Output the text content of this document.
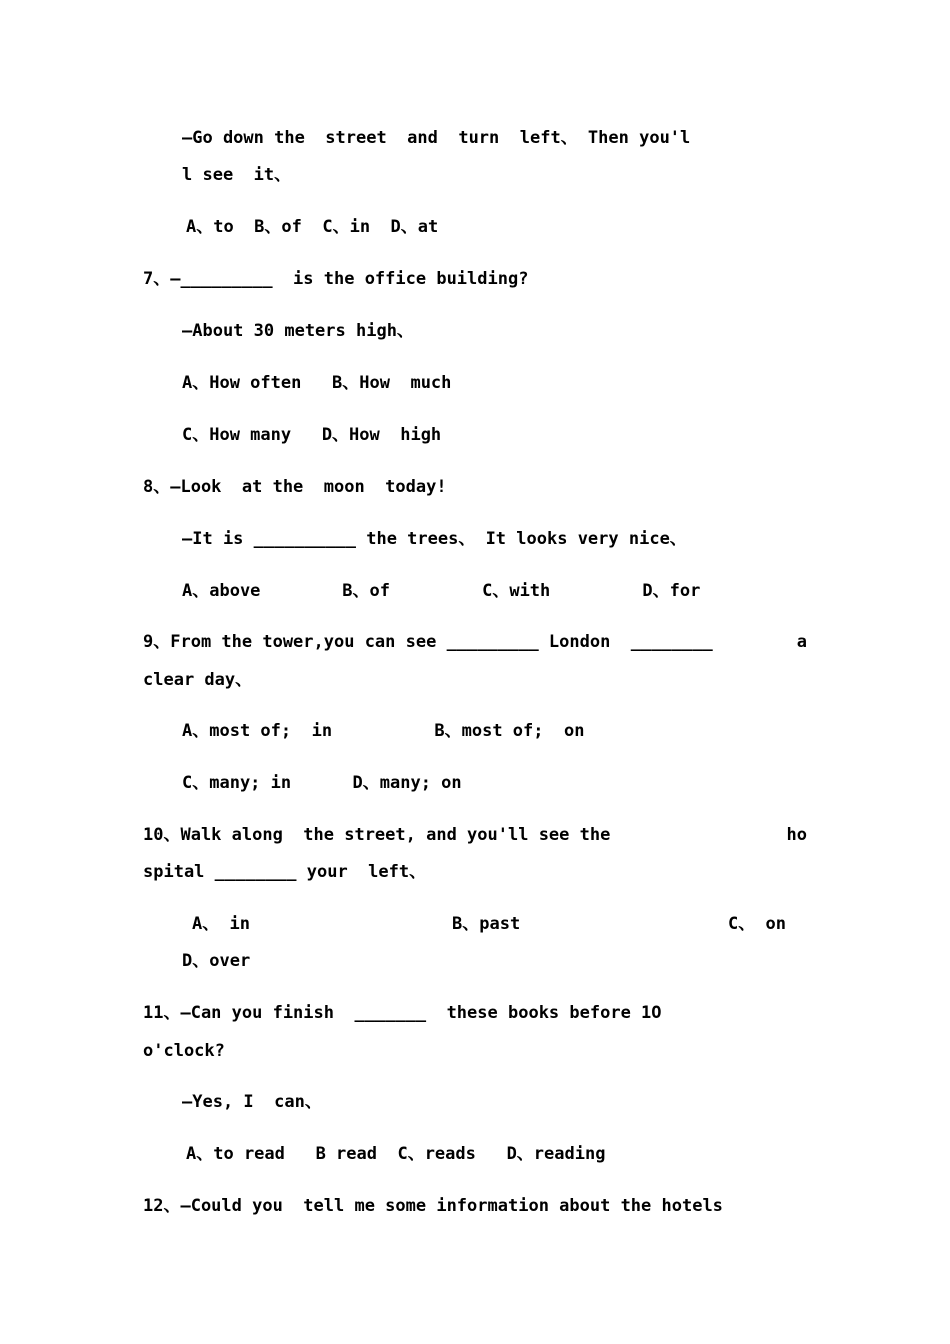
—Go down the  street  and  turn  left、 Then you'l
l see  it、
A、to  B、of  C、in  D、at
7、—_________  is the office building?
—About 30 meters high、
A、How often   B、How  much
C、How many   D、How  high
8、—Look  at the  moon  today!
—It is __________ the trees、 It looks very nice、
A、above        B、of         C、with         D、for
9、From the tower,you can see _________ London  ________	a
clear day、
A、most of;  in          B、most of;  on
C、many; in      D、many; on
10、Walk along  the street, and you'll see the	ho
spital ________ your  left、
A、 in	B、past	C、 on
D、over
11、—Can you finish  _______  these books before 1O
o'clock?
—Yes, I  can、
A、to read   B read  C、reads   D、reading
12、—Could you  tell me some information about the hotels
